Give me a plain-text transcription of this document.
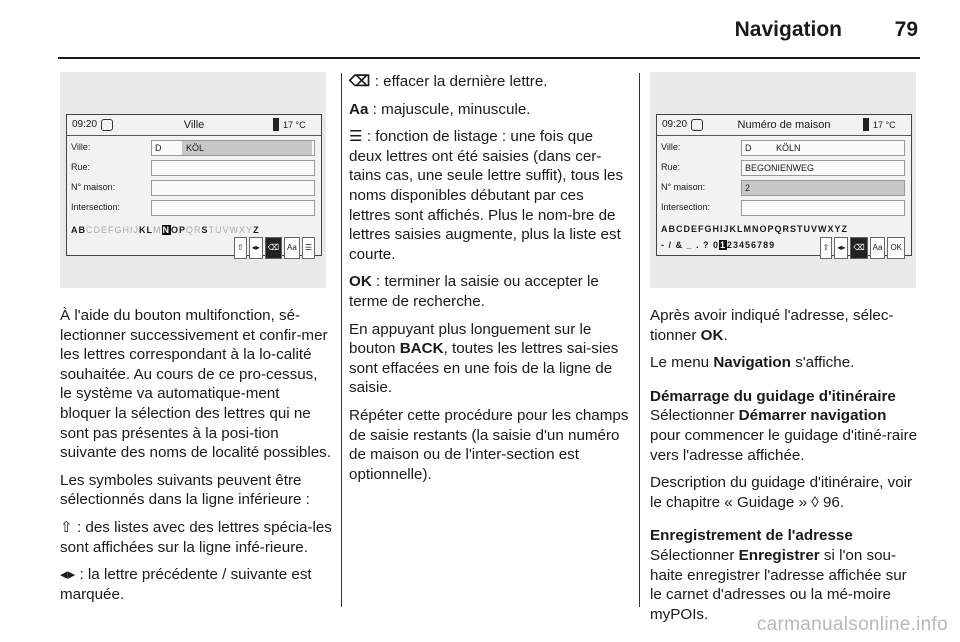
Navigation	79
09:20	Ville	17 °C
Ville:	D	KÖL
Rue:
N° maison:
Intersection:
ABCDEFGHIJKLMNOPQRSTUVWXYZ
⇧ ◂▸ ⌫ Aa ☰

À l'aide du bouton multifonction, sé-lectionner successivement et confir-mer les lettres correspondant à la lo-calité souhaitée. Au cours de ce pro-cessus, le système va automatique-ment bloquer la sélection des lettres qui ne sont pas présentes à la posi-tion suivante des noms de localité possibles.

Les symboles suivants peuvent être sélectionnés dans la ligne inférieure :

⇧ : des listes avec des lettres spécia-les sont affichées sur la ligne infé-rieure.

◂▸ : la lettre précédente / suivante est marquée.

⌫ : effacer la dernière lettre.

Aa : majuscule, minuscule.

☰ : fonction de listage : une fois que deux lettres ont été saisies (dans cer-tains cas, une seule lettre suffit), tous les noms disponibles débutant par ces lettres sont affichés. Plus le nom-bre de lettres saisies augmente, plus la liste est courte.

OK : terminer la saisie ou accepter le terme de recherche.

En appuyant plus longuement sur le bouton BACK, toutes les lettres sai-sies sont effacées en une fois de la ligne de saisie.

Répéter cette procédure pour les champs de saisie restants (la saisie d'un numéro de maison ou de l'inter-section est optionnelle).

09:20	Numéro de maison	17 °C
Ville:	D	KÖLN
Rue:	BEGONIENWEG
N° maison:	2
Intersection:
ABCDEFGHIJKLMNOPQRSTUVWXYZ
- / & _ . ? 0123456789	⇧ ◂▸ ⌫ Aa OK

Après avoir indiqué l'adresse, sélec-tionner OK.

Le menu Navigation s'affiche.

Démarrage du guidage d'itinéraire

Sélectionner Démarrer navigation pour commencer le guidage d'itiné-raire vers l'adresse affichée.

Description du guidage d'itinéraire, voir le chapitre « Guidage » ◊ 96.

Enregistrement de l'adresse

Sélectionner Enregistrer si l'on sou-haite enregistrer l'adresse affichée sur le carnet d'adresses ou la mé-moire myPOIs.	carmanualsonline.info
